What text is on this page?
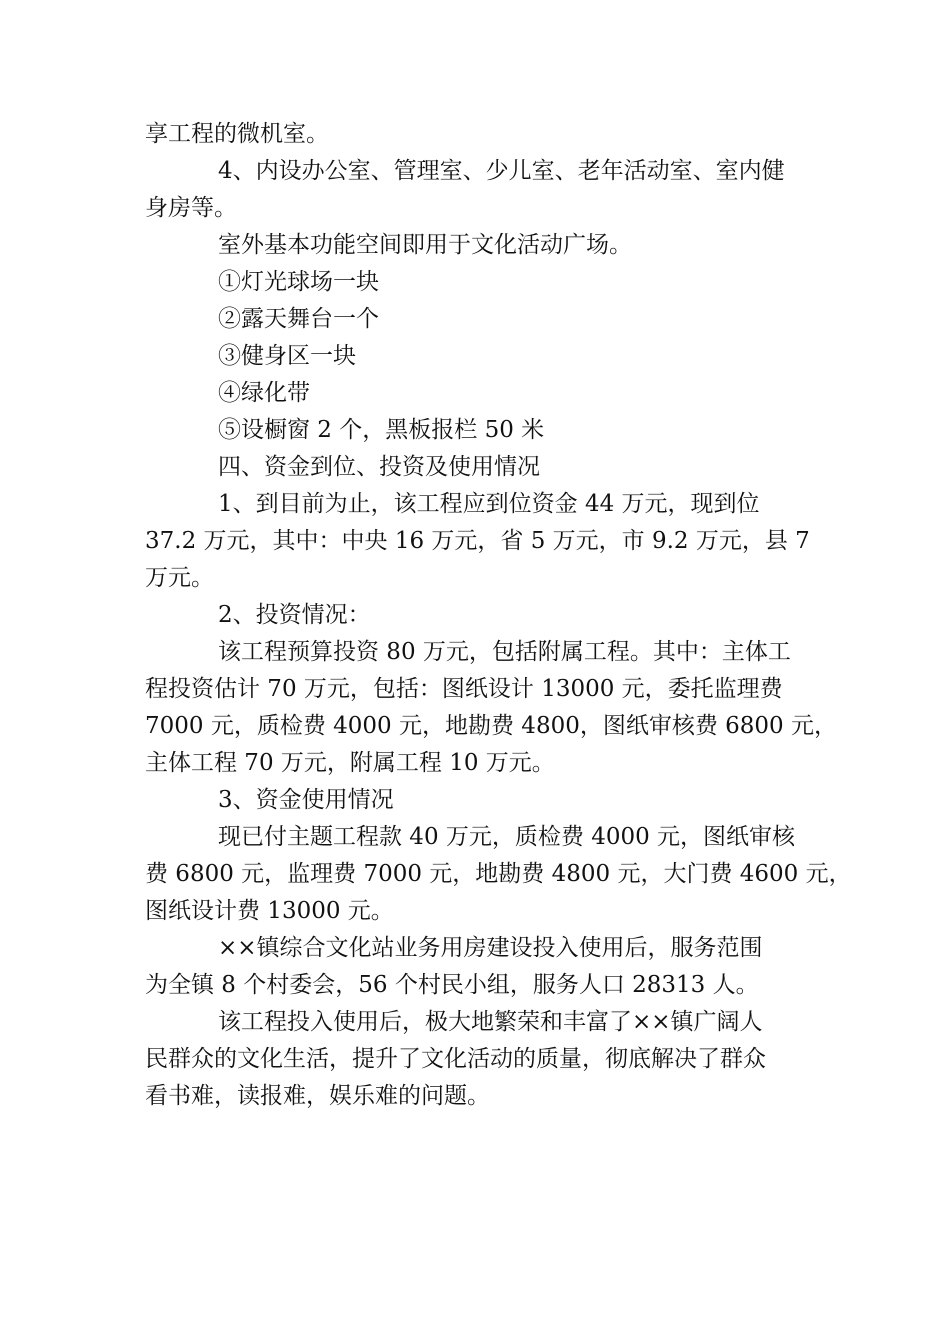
享工程的微机室。

4、内设办公室、管理室、少儿室、老年活动室、室内健
身房等。

室外基本功能空间即用于文化活动广场。

①灯光球场一块

②露天舞台一个

③健身区一块

④绿化带

⑤设橱窗 2 个，黑板报栏 50 米

四、资金到位、投资及使用情况

1、到目前为止，该工程应到位资金 44 万元，现到位
37.2 万元，其中：中央 16 万元，省 5 万元，市 9.2 万元，县 7
万元。

2、投资情况：

该工程预算投资 80 万元，包括附属工程。其中：主体工
程投资估计 70 万元，包括：图纸设计 13000 元，委托监理费
7000 元，质检费 4000 元，地勘费 4800，图纸审核费 6800 元，
主体工程 70 万元，附属工程 10 万元。

3、资金使用情况

现已付主题工程款 40 万元，质检费 4000 元，图纸审核
费 6800 元，监理费 7000 元，地勘费 4800 元，大门费 4600 元，
图纸设计费 13000 元。

××镇综合文化站业务用房建设投入使用后，服务范围
为全镇 8 个村委会，56 个村民小组，服务人口 28313 人。

该工程投入使用后，极大地繁荣和丰富了××镇广阔人
民群众的文化生活，提升了文化活动的质量，彻底解决了群众
看书难，读报难，娱乐难的问题。
